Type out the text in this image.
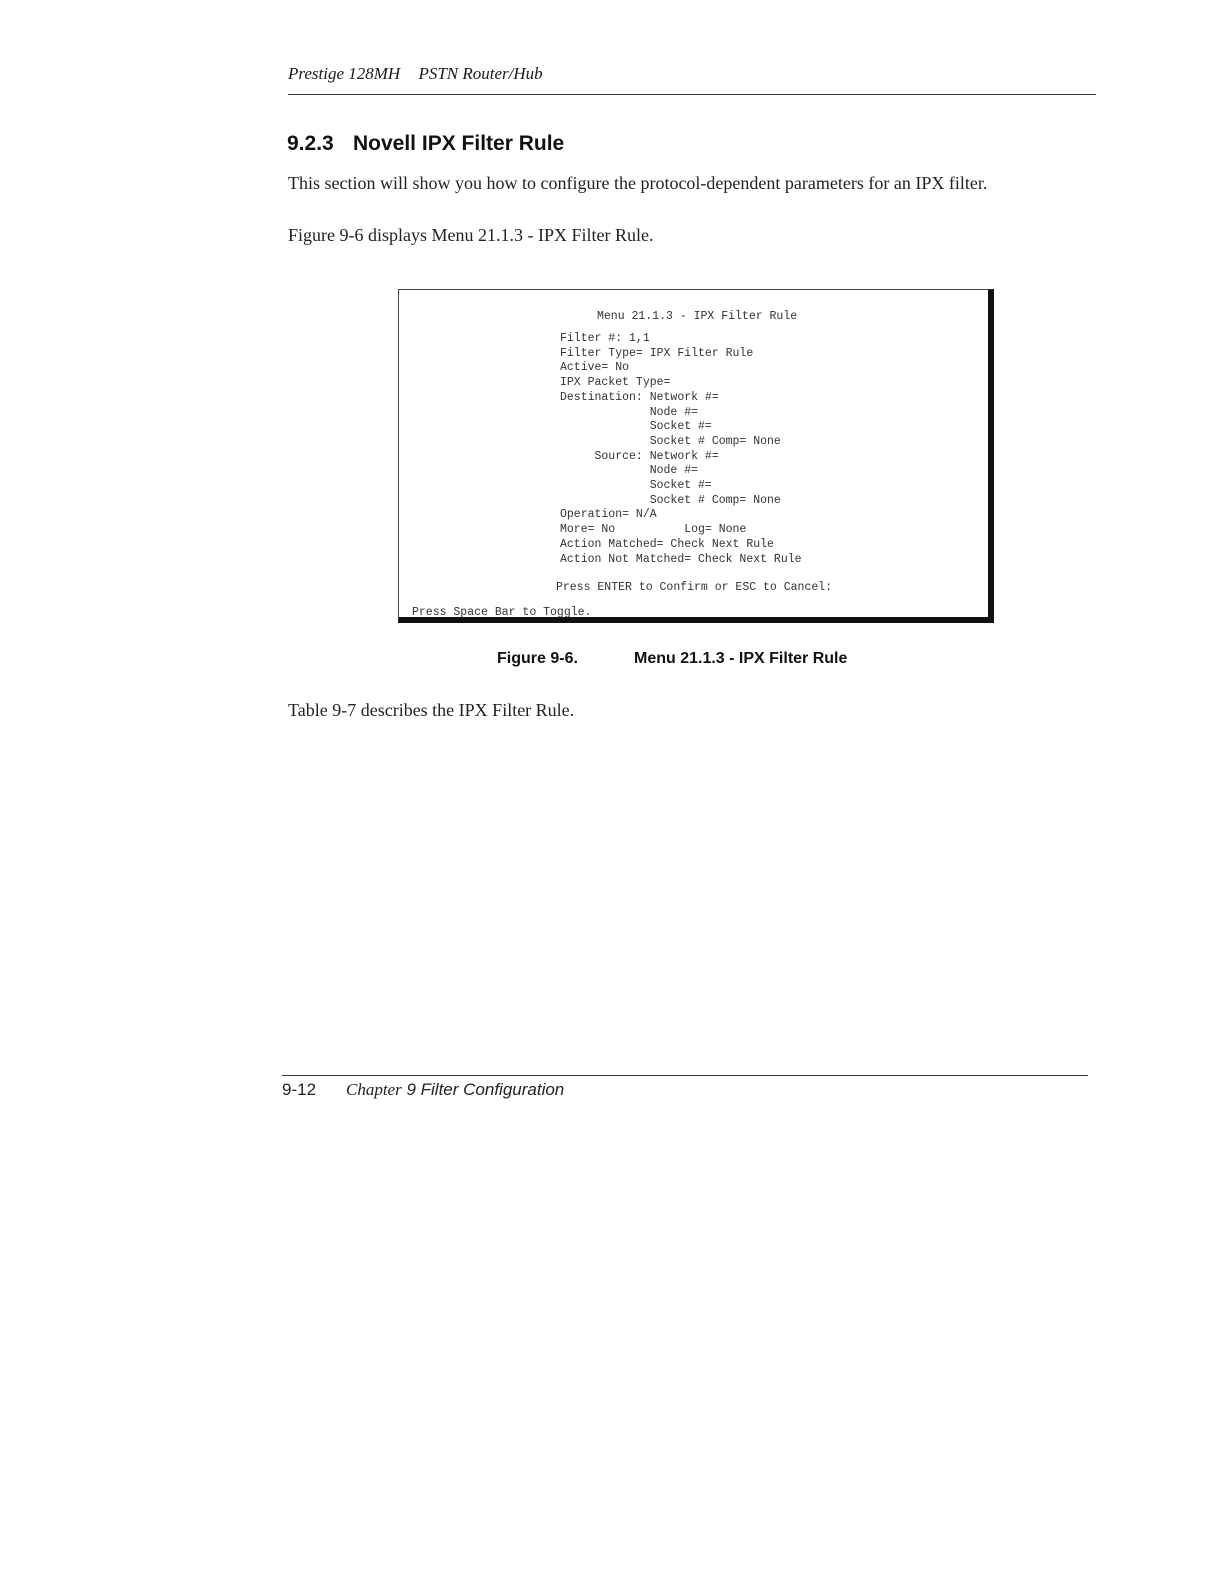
Prestige 128MH PSTN Router/Hub
9.2.3 Novell IPX Filter Rule
This section will show you how to configure the protocol-dependent parameters for an IPX filter.
Figure 9-6 displays Menu 21.1.3 - IPX Filter Rule.
Menu 21.1.3 - IPX Filter Rule
Filter #: 1,1
Filter Type= IPX Filter Rule
Active= No
IPX Packet Type=
Destination: Network #=
Node #=
Socket #=
Socket # Comp= None
Source: Network #=
Node #=
Socket #=
Socket # Comp= None
Operation= N/A
More= No          Log= None
Action Matched= Check Next Rule
Action Not Matched= Check Next Rule
Press ENTER to Confirm or ESC to Cancel:
Press Space Bar to Toggle.
Figure 9-6.	Menu 21.1.3 - IPX Filter Rule
Table 9-7 describes the IPX Filter Rule.
9-12 Chapter 9 Filter Configuration
